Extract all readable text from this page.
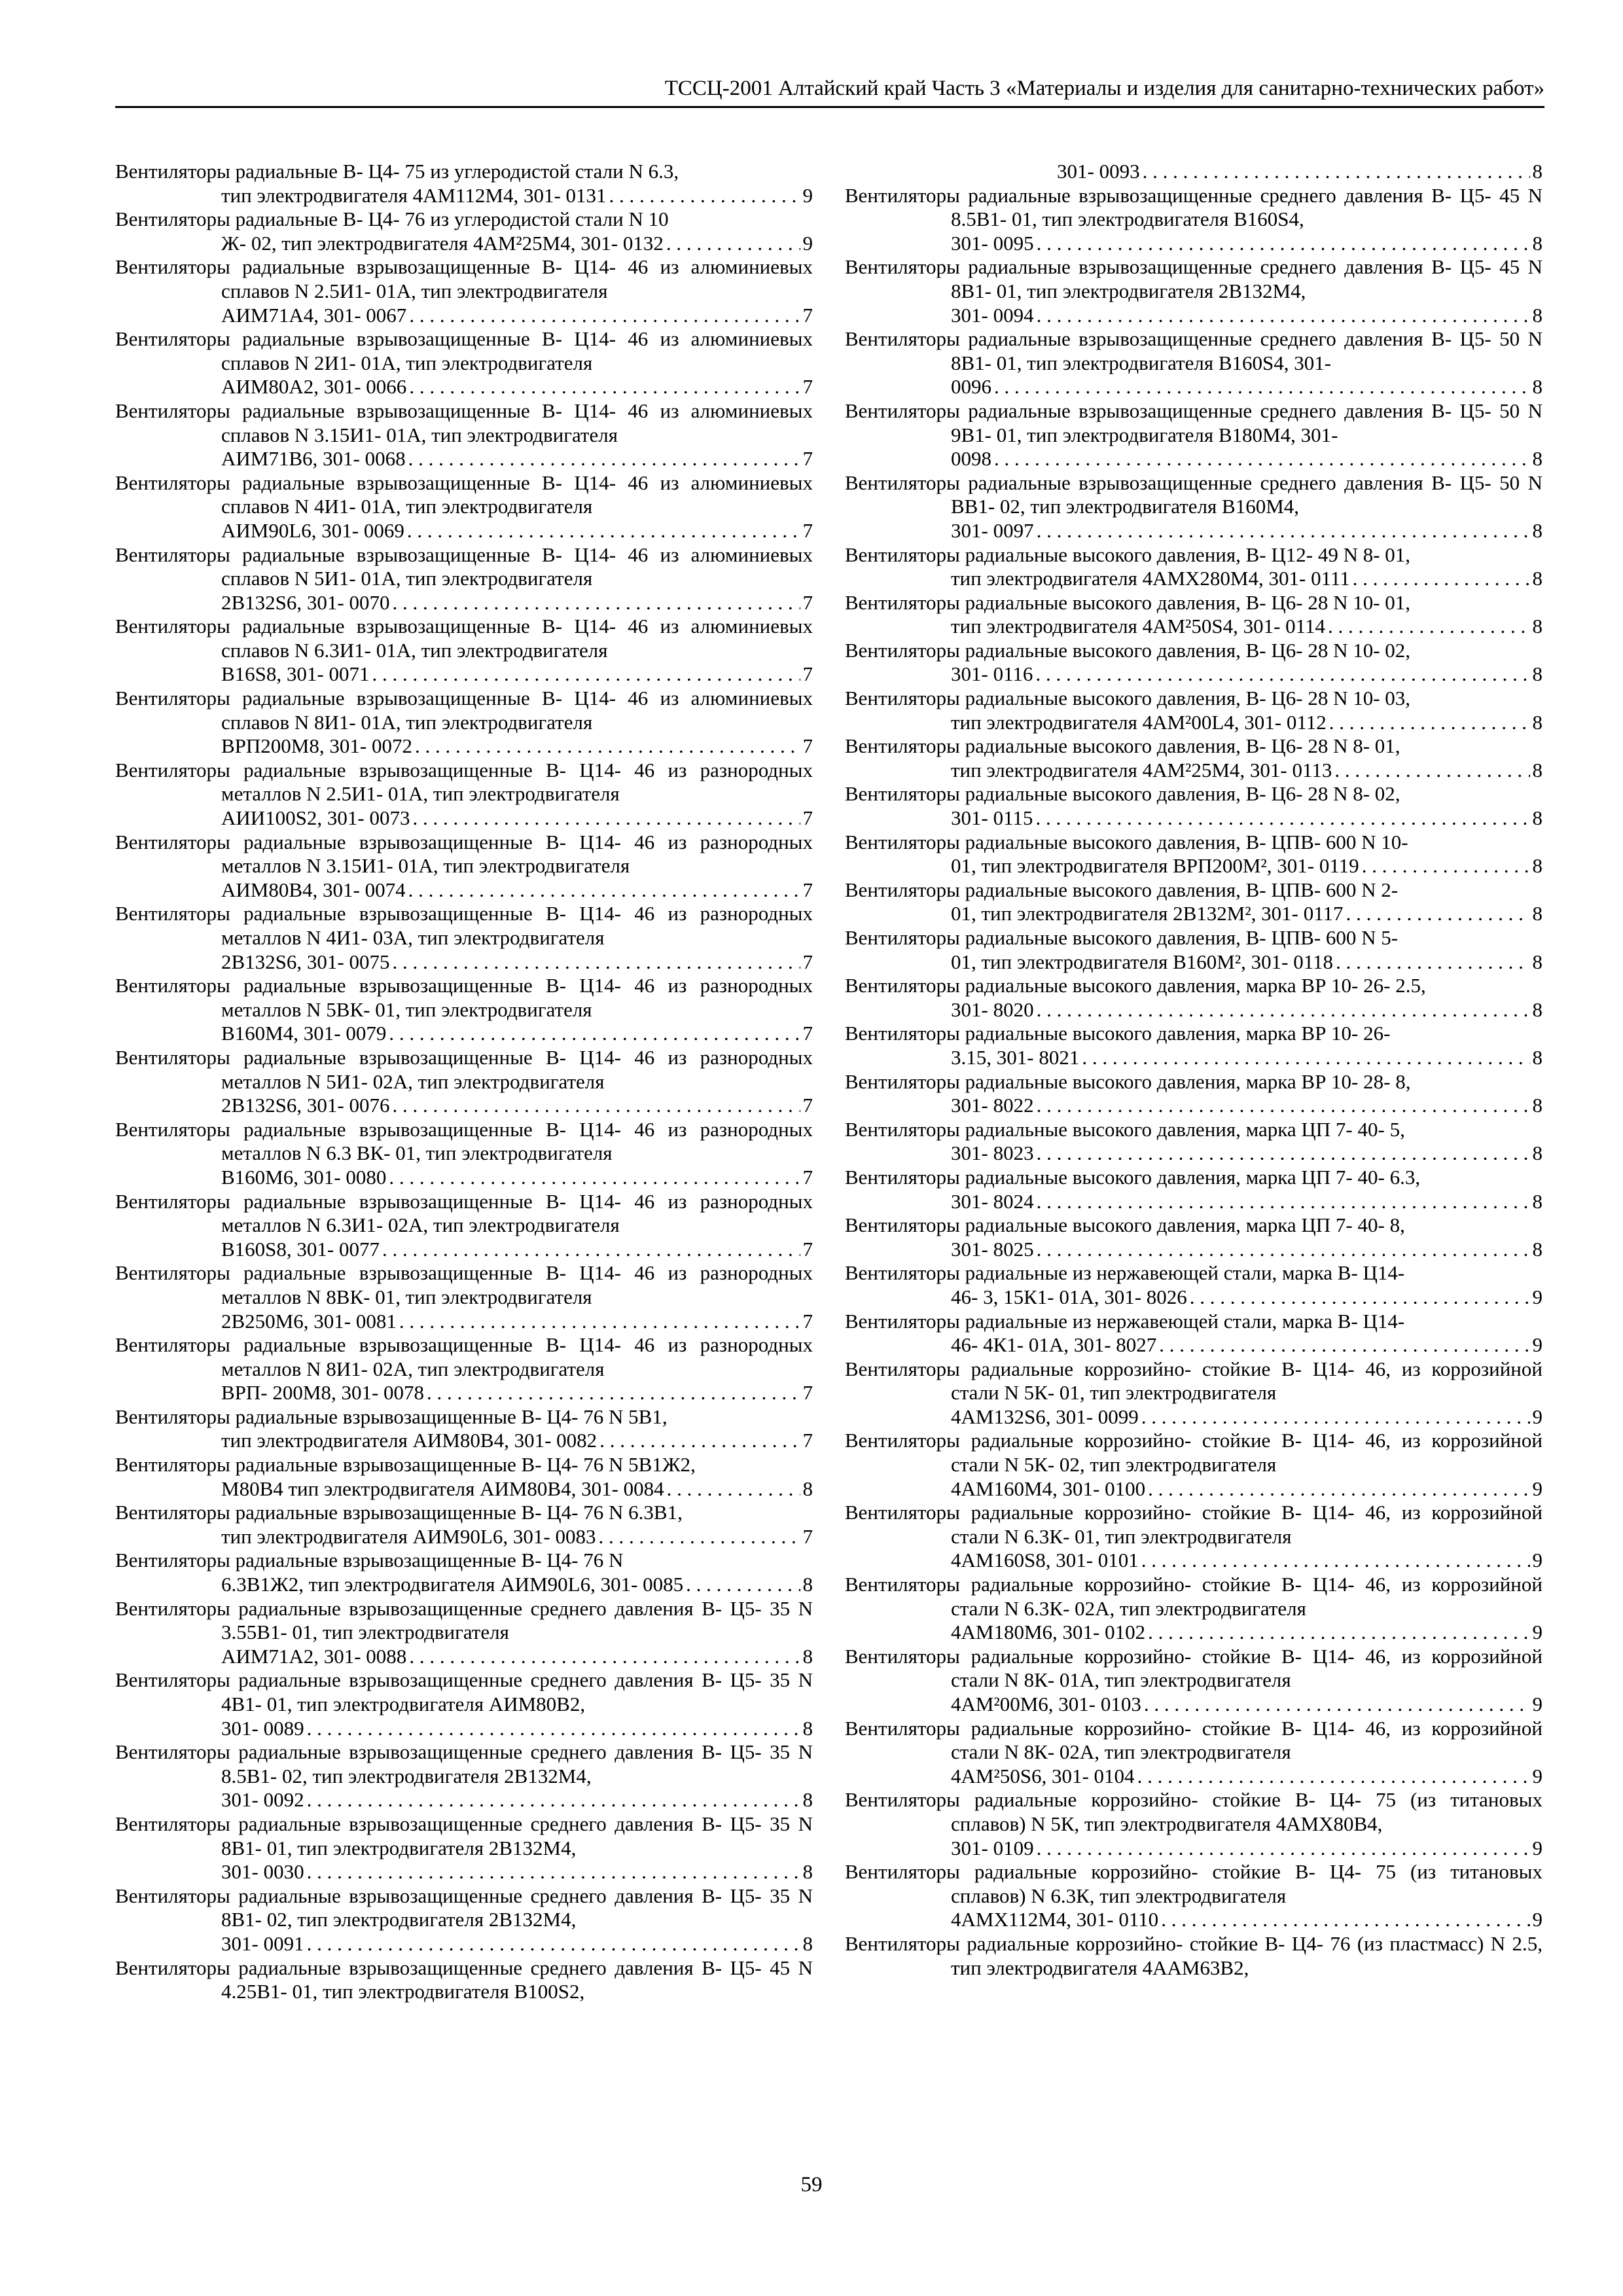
ТССЦ-2001 Алтайский край Часть 3 «Материалы и изделия для санитарно-технических работ»
Вентиляторы радиальные В- Ц4- 75 из углеродистой стали N 6.3,
тип электродвигателя 4АМ112М4, 301- 0131 . . .	9
Вентиляторы радиальные В- Ц4- 76 из углеродистой стали N 10
Ж- 02, тип электродвигателя 4АМ²25М4, 301- 0132 . . .	9
Вентиляторы радиальные взрывозащищенные В- Ц14- 46 из алюминиевых сплавов N 2.5И1- 01А, тип электродвигателя
АИМ71А4, 301- 0067 . . .	7
Вентиляторы радиальные взрывозащищенные В- Ц14- 46 из алюминиевых сплавов N 2И1- 01А, тип электродвигателя
АИМ80А2, 301- 0066 . . .	7
Вентиляторы радиальные взрывозащищенные В- Ц14- 46 из алюминиевых сплавов N 3.15И1- 01А, тип электродвигателя
АИМ71В6, 301- 0068 . . .	7
Вентиляторы радиальные взрывозащищенные В- Ц14- 46 из алюминиевых сплавов N 4И1- 01А, тип электродвигателя
АИМ90L6, 301- 0069 . . .	7
Вентиляторы радиальные взрывозащищенные В- Ц14- 46 из алюминиевых сплавов N 5И1- 01А, тип электродвигателя
2В132S6, 301- 0070 . . .	7
Вентиляторы радиальные взрывозащищенные В- Ц14- 46 из алюминиевых сплавов N 6.3И1- 01А, тип электродвигателя
В16S8, 301- 0071 . . .	7
Вентиляторы радиальные взрывозащищенные В- Ц14- 46 из алюминиевых сплавов N 8И1- 01А, тип электродвигателя
ВРП200М8, 301- 0072 . . .	7
Вентиляторы радиальные взрывозащищенные В- Ц14- 46 из разнородных металлов N 2.5И1- 01А, тип электродвигателя
АИИ100S2, 301- 0073 . . .	7
Вентиляторы радиальные взрывозащищенные В- Ц14- 46 из разнородных металлов N 3.15И1- 01А, тип электродвигателя
АИМ80В4, 301- 0074 . . .	7
Вентиляторы радиальные взрывозащищенные В- Ц14- 46 из разнородных металлов N 4И1- 03А, тип электродвигателя
2В132S6, 301- 0075 . . .	7
Вентиляторы радиальные взрывозащищенные В- Ц14- 46 из разнородных металлов N 5ВК- 01, тип электродвигателя
В160М4, 301- 0079 . . .	7
Вентиляторы радиальные взрывозащищенные В- Ц14- 46 из разнородных металлов N 5И1- 02А, тип электродвигателя
2В132S6, 301- 0076 . . .	7
Вентиляторы радиальные взрывозащищенные В- Ц14- 46 из разнородных металлов N 6.3 ВК- 01, тип электродвигателя
В160М6, 301- 0080 . . .	7
Вентиляторы радиальные взрывозащищенные В- Ц14- 46 из разнородных металлов N 6.3И1- 02А, тип электродвигателя
В160S8, 301- 0077 . . .	7
Вентиляторы радиальные взрывозащищенные В- Ц14- 46 из разнородных металлов N 8ВК- 01, тип электродвигателя
2В250М6, 301- 0081 . . .	7
Вентиляторы радиальные взрывозащищенные В- Ц14- 46 из разнородных металлов N 8И1- 02А, тип электродвигателя
ВРП- 200М8, 301- 0078 . . .	7
Вентиляторы радиальные взрывозащищенные В- Ц4- 76 N 5В1,
тип электродвигателя АИМ80В4, 301- 0082 . . .	7
Вентиляторы радиальные взрывозащищенные В- Ц4- 76 N 5В1Ж2,
М80В4 тип электродвигателя АИМ80В4, 301- 0084 . . .	8
Вентиляторы радиальные взрывозащищенные В- Ц4- 76 N 6.3В1,
тип электродвигателя АИМ90L6, 301- 0083 . . .	7
Вентиляторы радиальные взрывозащищенные В- Ц4- 76 N
6.3В1Ж2, тип электродвигателя АИМ90L6, 301- 0085 . . .	8
Вентиляторы радиальные взрывозащищенные среднего давления В- Ц5- 35 N 3.55В1- 01, тип электродвигателя
АИМ71А2, 301- 0088 . . .	8
Вентиляторы радиальные взрывозащищенные среднего давления В- Ц5- 35 N 4В1- 01, тип электродвигателя АИМ80В2,
301- 0089 . . .	8
Вентиляторы радиальные взрывозащищенные среднего давления В- Ц5- 35 N 8.5В1- 02, тип электродвигателя 2В132М4,
301- 0092 . . .	8
Вентиляторы радиальные взрывозащищенные среднего давления В- Ц5- 35 N 8В1- 01, тип электродвигателя 2В132М4,
301- 0030 . . .	8
Вентиляторы радиальные взрывозащищенные среднего давления В- Ц5- 35 N 8В1- 02, тип электродвигателя 2В132М4,
301- 0091 . . .	8
Вентиляторы радиальные взрывозащищенные среднего давления В- Ц5- 45 N 4.25В1- 01, тип электродвигателя В100S2,
301- 0093 . . .	8
Вентиляторы радиальные взрывозащищенные среднего давления В- Ц5- 45 N 8.5В1- 01, тип электродвигателя В160S4,
301- 0095 . . .	8
Вентиляторы радиальные взрывозащищенные среднего давления В- Ц5- 45 N 8В1- 01, тип электродвигателя 2В132М4,
301- 0094 . . .	8
Вентиляторы радиальные взрывозащищенные среднего давления В- Ц5- 50 N 8В1- 01, тип электродвигателя В160S4, 301-
0096 . . .	8
Вентиляторы радиальные взрывозащищенные среднего давления В- Ц5- 50 N 9В1- 01, тип электродвигателя В180М4, 301-
0098 . . .	8
Вентиляторы радиальные взрывозащищенные среднего давления В- Ц5- 50 N ВВ1- 02, тип электродвигателя В160М4,
301- 0097 . . .	8
Вентиляторы радиальные высокого давления, В- Ц12- 49 N 8- 01,
тип электродвигателя 4АМХ280М4, 301- 0111 . . .	8
Вентиляторы радиальные высокого давления, В- Ц6- 28 N 10- 01,
тип электродвигателя 4АМ²50S4, 301- 0114 . . .	8
Вентиляторы радиальные высокого давления, В- Ц6- 28 N 10- 02,
301- 0116 . . .	8
Вентиляторы радиальные высокого давления, В- Ц6- 28 N 10- 03,
тип электродвигателя 4АМ²00L4, 301- 0112 . . .	8
Вентиляторы радиальные высокого давления, В- Ц6- 28 N 8- 01,
тип электродвигателя 4АМ²25М4, 301- 0113 . . .	8
Вентиляторы радиальные высокого давления, В- Ц6- 28 N 8- 02,
301- 0115 . . .	8
Вентиляторы радиальные высокого давления, В- ЦПВ- 600 N 10-
01, тип электродвигателя ВРП200М², 301- 0119 . . .	8
Вентиляторы радиальные высокого давления, В- ЦПВ- 600 N 2-
01, тип электродвигателя 2В132М², 301- 0117 . . .	8
Вентиляторы радиальные высокого давления, В- ЦПВ- 600 N 5-
01, тип электродвигателя В160М², 301- 0118 . . .	8
Вентиляторы радиальные высокого давления, марка ВР 10- 26- 2.5,
301- 8020 . . .	8
Вентиляторы радиальные высокого давления, марка ВР 10- 26-
3.15, 301- 8021 . . .	8
Вентиляторы радиальные высокого давления, марка ВР 10- 28- 8,
301- 8022 . . .	8
Вентиляторы радиальные высокого давления, марка ЦП 7- 40- 5,
301- 8023 . . .	8
Вентиляторы радиальные высокого давления, марка ЦП 7- 40- 6.3,
301- 8024 . . .	8
Вентиляторы радиальные высокого давления, марка ЦП 7- 40- 8,
301- 8025 . . .	8
Вентиляторы радиальные из нержавеющей стали, марка В- Ц14-
46- 3, 15К1- 01А, 301- 8026 . . .	9
Вентиляторы радиальные из нержавеющей стали, марка В- Ц14-
46- 4К1- 01А, 301- 8027 . . .	9
Вентиляторы радиальные коррозийно- стойкие В- Ц14- 46, из коррозийной стали N 5К- 01, тип электродвигателя
4АМ132S6, 301- 0099 . . .	9
Вентиляторы радиальные коррозийно- стойкие В- Ц14- 46, из коррозийной стали N 5К- 02, тип электродвигателя
4АМ160М4, 301- 0100 . . .	9
Вентиляторы радиальные коррозийно- стойкие В- Ц14- 46, из коррозийной стали N 6.3К- 01, тип электродвигателя
4АМ160S8, 301- 0101 . . .	9
Вентиляторы радиальные коррозийно- стойкие В- Ц14- 46, из коррозийной стали N 6.3К- 02А, тип электродвигателя
4АМ180М6, 301- 0102 . . .	9
Вентиляторы радиальные коррозийно- стойкие В- Ц14- 46, из коррозийной стали N 8К- 01А, тип электродвигателя
4АМ²00М6, 301- 0103 . . .	9
Вентиляторы радиальные коррозийно- стойкие В- Ц14- 46, из коррозийной стали N 8К- 02А, тип электродвигателя
4АМ²50S6, 301- 0104 . . .	9
Вентиляторы радиальные коррозийно- стойкие В- Ц4- 75 (из титановых сплавов) N 5К, тип электродвигателя 4АМХ80В4,
301- 0109 . . .	9
Вентиляторы радиальные коррозийно- стойкие В- Ц4- 75 (из титановых сплавов) N 6.3К, тип электродвигателя
4АМХ112М4, 301- 0110 . . .	9
Вентиляторы радиальные коррозийно- стойкие В- Ц4- 76 (из пластмасс) N 2.5, тип электродвигателя 4ААМ63В2,
59
